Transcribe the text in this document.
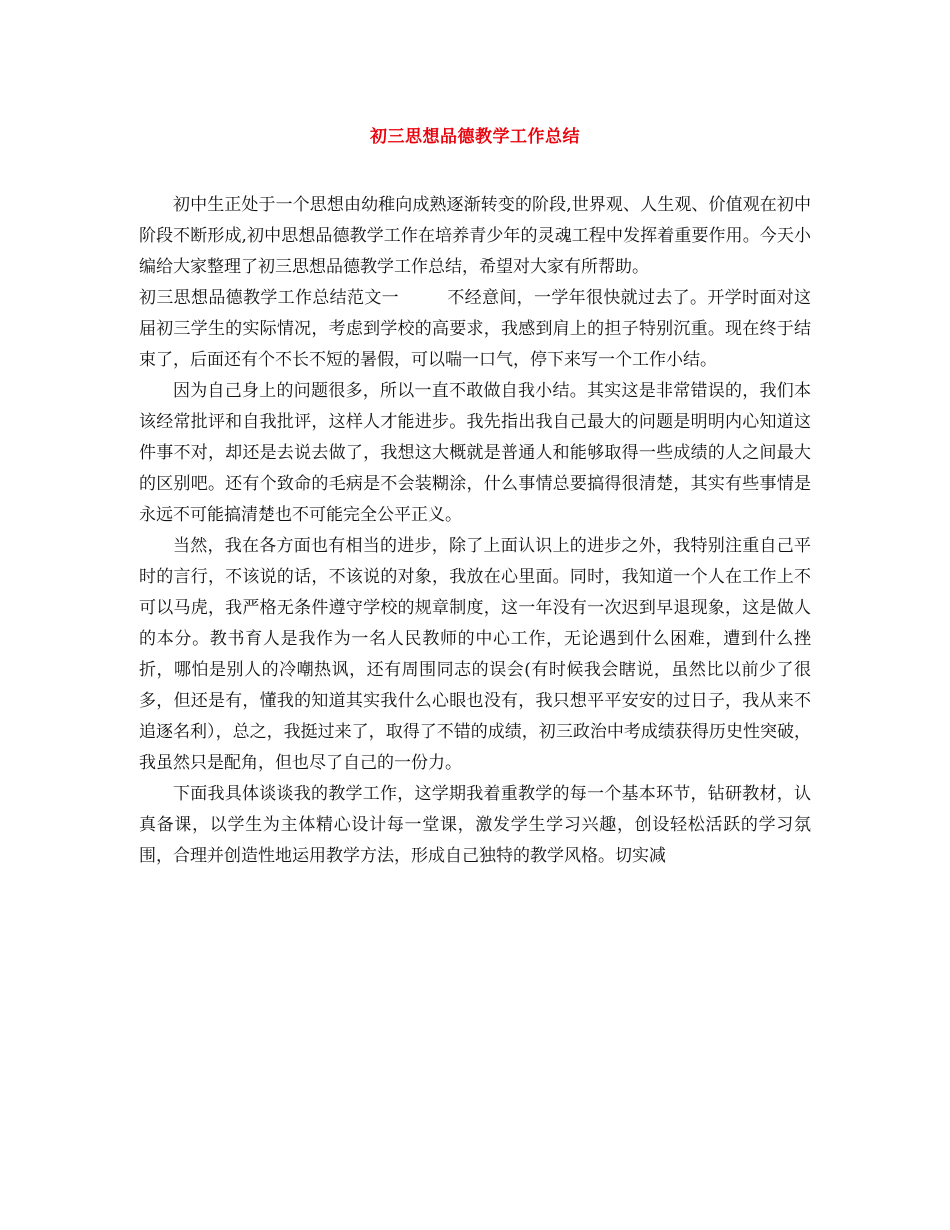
初三思想品德教学工作总结

初中生正处于一个思想由幼稚向成熟逐渐转变的阶段,世界观、人生观、价值观在初中阶段不断形成,初中思想品德教学工作在培养青少年的灵魂工程中发挥着重要作用。今天小编给大家整理了初三思想品德教学工作总结，希望对大家有所帮助。

初三思想品德教学工作总结范文一	不经意间，一学年很快就过去了。开学时面对这届初三学生的实际情况，考虑到学校的高要求，我感到肩上的担子特别沉重。现在终于结束了，后面还有个不长不短的暑假，可以喘一口气，停下来写一个工作小结。

因为自己身上的问题很多，所以一直不敢做自我小结。其实这是非常错误的，我们本该经常批评和自我批评，这样人才能进步。我先指出我自己最大的问题是明明内心知道这件事不对，却还是去说去做了，我想这大概就是普通人和能够取得一些成绩的人之间最大的区别吧。还有个致命的毛病是不会装糊涂，什么事情总要搞得很清楚，其实有些事情是永远不可能搞清楚也不可能完全公平正义。

当然，我在各方面也有相当的进步，除了上面认识上的进步之外，我特别注重自己平时的言行，不该说的话，不该说的对象，我放在心里面。同时，我知道一个人在工作上不可以马虎，我严格无条件遵守学校的规章制度，这一年没有一次迟到早退现象，这是做人的本分。教书育人是我作为一名人民教师的中心工作，无论遇到什么困难，遭到什么挫折，哪怕是别人的冷嘲热讽，还有周围同志的误会(有时候我会瞎说，虽然比以前少了很多，但还是有，懂我的知道其实我什么心眼也没有，我只想平平安安的过日子，我从来不追逐名利），总之，我挺过来了，取得了不错的成绩，初三政治中考成绩获得历史性突破，我虽然只是配角，但也尽了自己的一份力。

下面我具体谈谈我的教学工作，这学期我着重教学的每一个基本环节，钻研教材，认真备课，以学生为主体精心设计每一堂课，激发学生学习兴趣，创设轻松活跃的学习氛围，合理并创造性地运用教学方法，形成自己独特的教学风格。切实减
